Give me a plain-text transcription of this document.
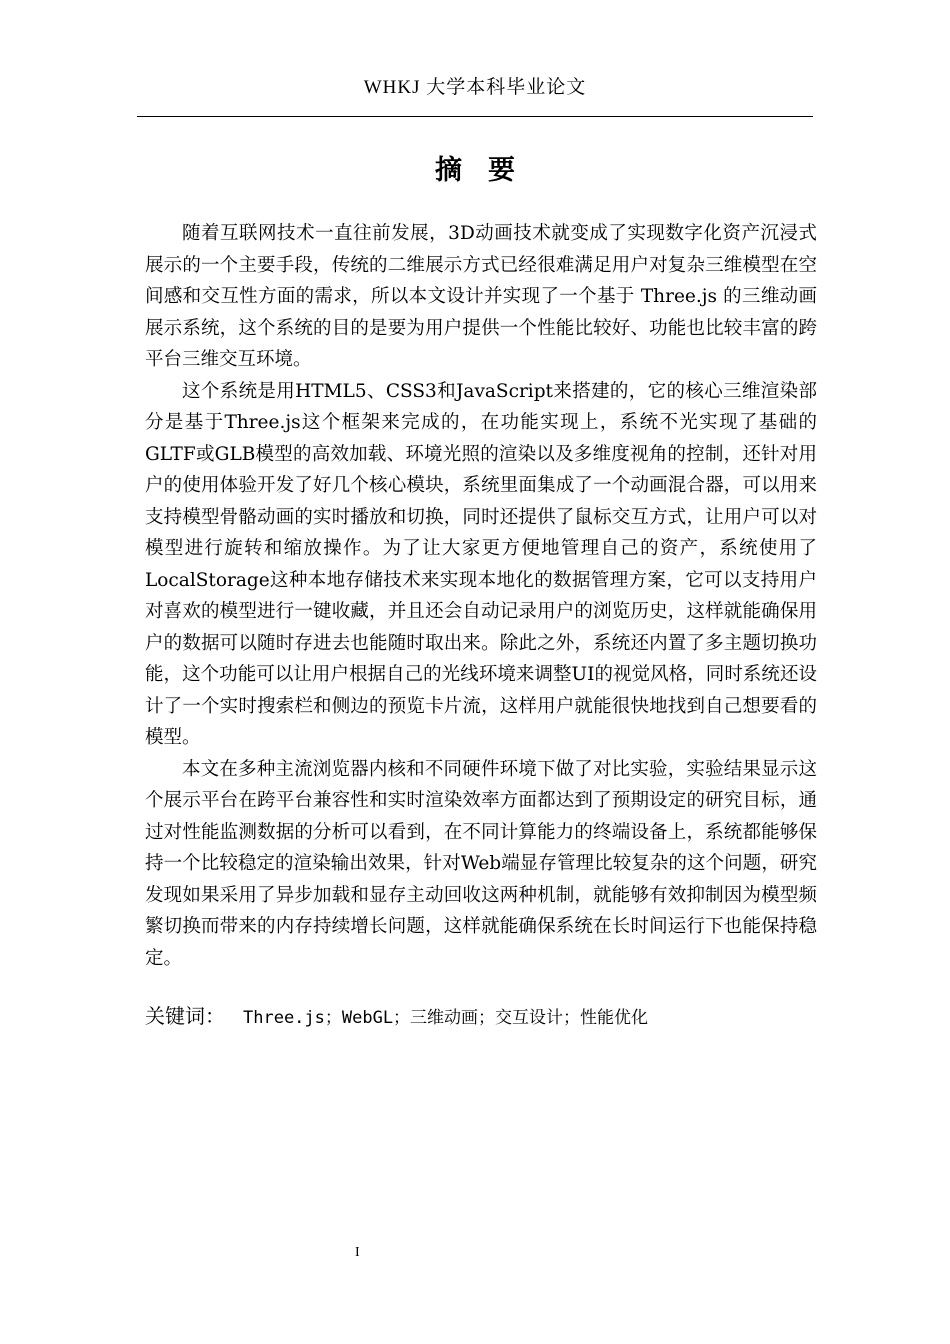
WHKJ 大学本科毕业论文
摘要

随着互联网技术一直往前发展，3D动画技术就变成了实现数字化资产沉浸式展示的一个主要手段，传统的二维展示方式已经很难满足用户对复杂三维模型在空间感和交互性方面的需求，所以本文设计并实现了一个基于 Three.js 的三维动画展示系统，这个系统的目的是要为用户提供一个性能比较好、功能也比较丰富的跨平台三维交互环境。

这个系统是用HTML5、CSS3和JavaScript来搭建的，它的核心三维渲染部分是基于Three.js这个框架来完成的，在功能实现上，系统不光实现了基础的GLTF或GLB模型的高效加载、环境光照的渲染以及多维度视角的控制，还针对用户的使用体验开发了好几个核心模块，系统里面集成了一个动画混合器，可以用来支持模型骨骼动画的实时播放和切换，同时还提供了鼠标交互方式，让用户可以对模型进行旋转和缩放操作。为了让大家更方便地管理自己的资产，系统使用了LocalStorage这种本地存储技术来实现本地化的数据管理方案，它可以支持用户对喜欢的模型进行一键收藏，并且还会自动记录用户的浏览历史，这样就能确保用户的数据可以随时存进去也能随时取出来。除此之外，系统还内置了多主题切换功能，这个功能可以让用户根据自己的光线环境来调整UI的视觉风格，同时系统还设计了一个实时搜索栏和侧边的预览卡片流，这样用户就能很快地找到自己想要看的模型。

本文在多种主流浏览器内核和不同硬件环境下做了对比实验，实验结果显示这个展示平台在跨平台兼容性和实时渲染效率方面都达到了预期设定的研究目标，通过对性能监测数据的分析可以看到，在不同计算能力的终端设备上，系统都能够保持一个比较稳定的渲染输出效果，针对Web端显存管理比较复杂的这个问题，研究发现如果采用了异步加载和显存主动回收这两种机制，就能够有效抑制因为模型频繁切换而带来的内存持续增长问题，这样就能确保系统在长时间运行下也能保持稳定。

关键词： Three.js；WebGL；三维动画；交互设计；性能优化
I
